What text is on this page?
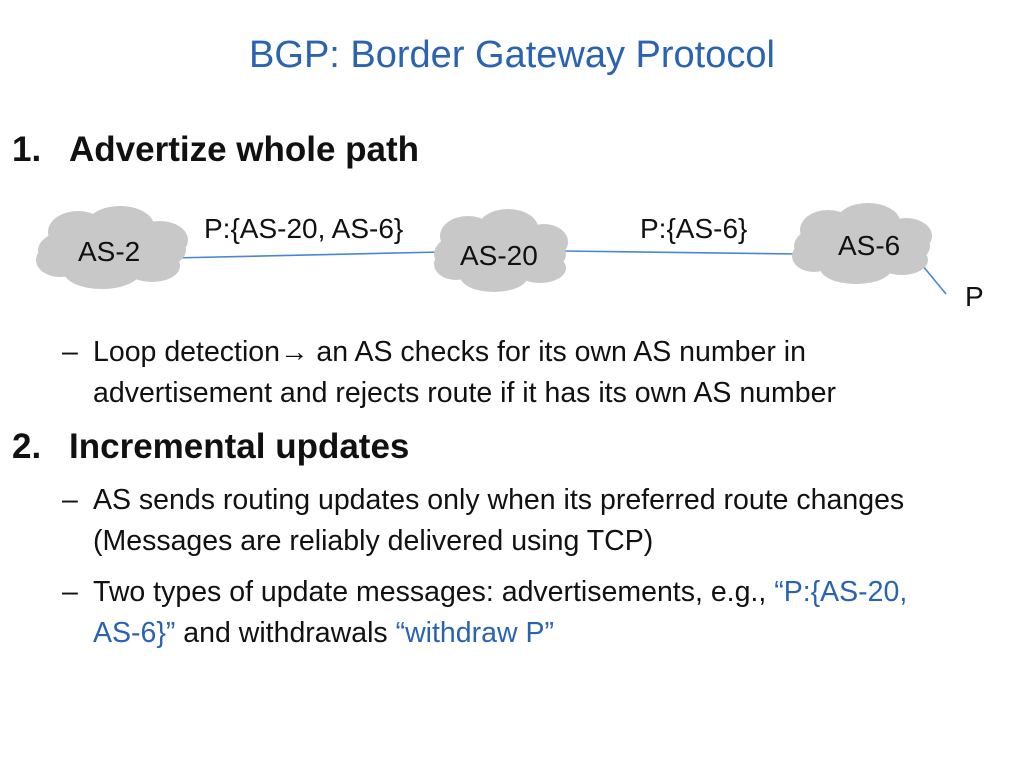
BGP: Border Gateway Protocol
1. Advertize whole path
AS-2	AS-20	AS-6
P:{AS-20, AS-6}	P:{AS-6}
P
– Loop detection→ an AS checks for its own AS number in
advertisement and rejects route if it has its own AS number
2. Incremental updates
– AS sends routing updates only when its preferred route changes
(Messages are reliably delivered using TCP)
– Two types of update messages: advertisements, e.g., “P:{AS-20,
AS-6}” and withdrawals “withdraw P”
